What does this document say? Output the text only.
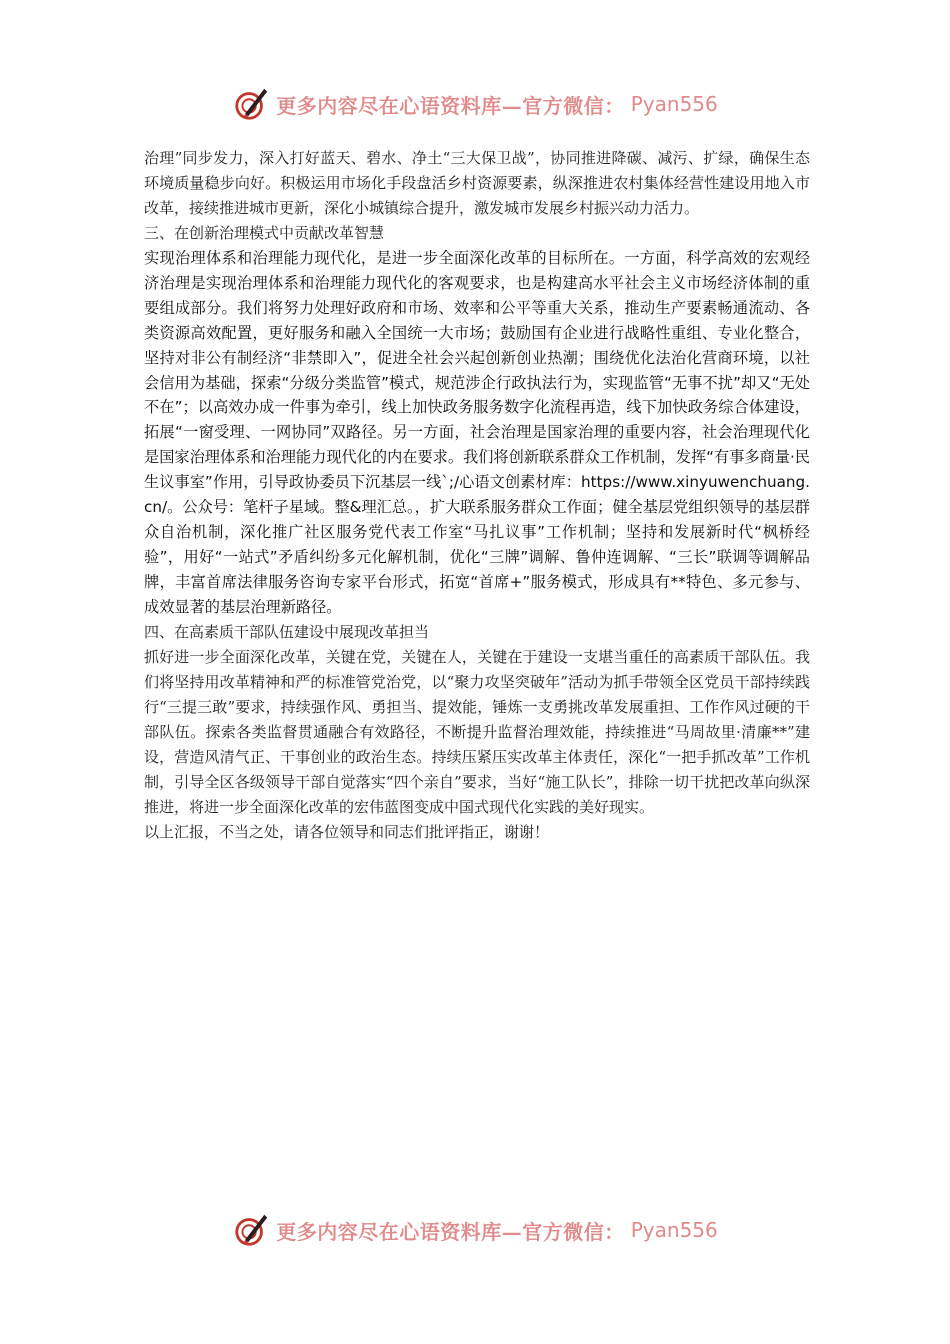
更多内容尽在心语资料库—官方微信： Pyan556

治理”同步发力，深入打好蓝天、碧水、净土“三大保卫战”，协同推进降碳、减污、扩绿，确保生态环境质量稳步向好。积极运用市场化手段盘活乡村资源要素，纵深推进农村集体经营性建设用地入市改革，接续推进城市更新，深化小城镇综合提升，激发城市发展乡村振兴动力活力。

三、在创新治理模式中贡献改革智慧

实现治理体系和治理能力现代化，是进一步全面深化改革的目标所在。一方面，科学高效的宏观经济治理是实现治理体系和治理能力现代化的客观要求，也是构建高水平社会主义市场经济体制的重要组成部分。我们将努力处理好政府和市场、效率和公平等重大关系，推动生产要素畅通流动、各类资源高效配置，更好服务和融入全国统一大市场；鼓励国有企业进行战略性重组、专业化整合，坚持对非公有制经济“非禁即入”，促进全社会兴起创新创业热潮；围绕优化法治化营商环境，以社会信用为基础，探索“分级分类监管”模式，规范涉企行政执法行为，实现监管“无事不扰”却又“无处不在”；以高效办成一件事为牵引，线上加快政务服务数字化流程再造，线下加快政务综合体建设，拓展“一窗受理、一网协同”双路径。另一方面，社会治理是国家治理的重要内容，社会治理现代化是国家治理体系和治理能力现代化的内在要求。我们将创新联系群众工作机制，发挥“有事多商量·民生议事室”作用，引导政协委员下沉基层一线`;/心语文创素材库：https://www.xinyuwenchuang.cn/。公众号：笔杆子星域。整&理汇总。，扩大联系服务群众工作面；健全基层党组织领导的基层群众自治机制，深化推广社区服务党代表工作室“马扎议事”工作机制；坚持和发展新时代“枫桥经验”，用好“一站式”矛盾纠纷多元化解机制，优化“三牌”调解、鲁仲连调解、“三长”联调等调解品牌，丰富首席法律服务咨询专家平台形式，拓宽“首席+”服务模式，形成具有**特色、多元参与、成效显著的基层治理新路径。

四、在高素质干部队伍建设中展现改革担当

抓好进一步全面深化改革，关键在党，关键在人，关键在于建设一支堪当重任的高素质干部队伍。我们将坚持用改革精神和严的标准管党治党，以“聚力攻坚突破年”活动为抓手带领全区党员干部持续践行“三提三敢”要求，持续强作风、勇担当、提效能，锤炼一支勇挑改革发展重担、工作作风过硬的干部队伍。探索各类监督贯通融合有效路径，不断提升监督治理效能，持续推进“马周故里·清廉**”建设，营造风清气正、干事创业的政治生态。持续压紧压实改革主体责任，深化“一把手抓改革”工作机制，引导全区各级领导干部自觉落实“四个亲自”要求，当好“施工队长”，排除一切干扰把改革向纵深推进，将进一步全面深化改革的宏伟蓝图变成中国式现代化实践的美好现实。

以上汇报，不当之处，请各位领导和同志们批评指正，谢谢！

更多内容尽在心语资料库—官方微信： Pyan556
